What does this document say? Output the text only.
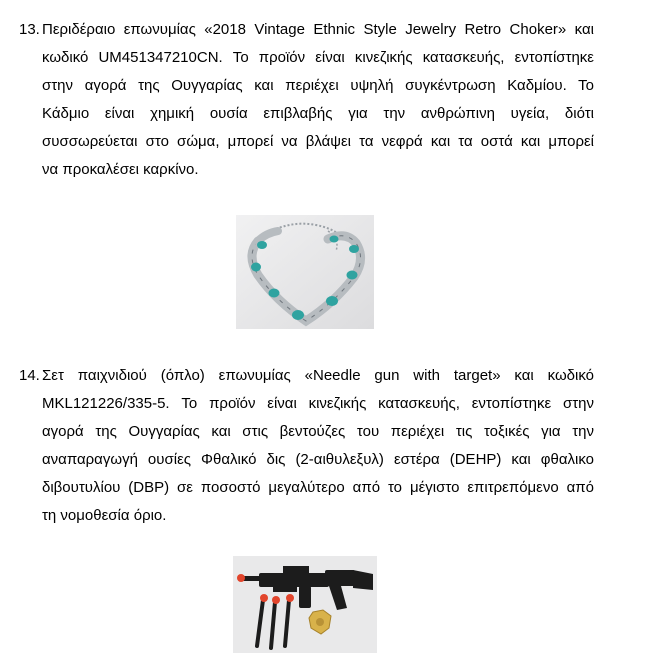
13. Περιδέραιο επωνυμίας «2018 Vintage Ethnic Style Jewelry Retro Choker» και
κωδικό UM451347210CN. Το προϊόν είναι κινεζικής κατασκευής, εντοπίστηκε
στην αγορά της Ουγγαρίας και περιέχει υψηλή συγκέντρωση Καδμίου. Το
Κάδμιο είναι χημική ουσία επιβλαβής για την ανθρώπινη υγεία, διότι
συσσωρεύεται στο σώμα, μπορεί να βλάψει τα νεφρά και τα οστά και μπορεί
να προκαλέσει καρκίνο.
14. Σετ παιχνιδιού (όπλο) επωνυμίας «Needle gun with target» και κωδικό
MKL121226/335-5. Το προϊόν είναι κινεζικής κατασκευής, εντοπίστηκε στην
αγορά της Ουγγαρίας και στις βεντούζες του περιέχει τις τοξικές για την
αναπαραγωγή ουσίες Φθαλικό δις (2-αιθυλεξυλ) εστέρα (DEHP) και φθαλικο
διβουτυλίου (DBP) σε ποσοστό μεγαλύτερο από το μέγιστο επιτρεπόμενο από
τη νομοθεσία όριο.
